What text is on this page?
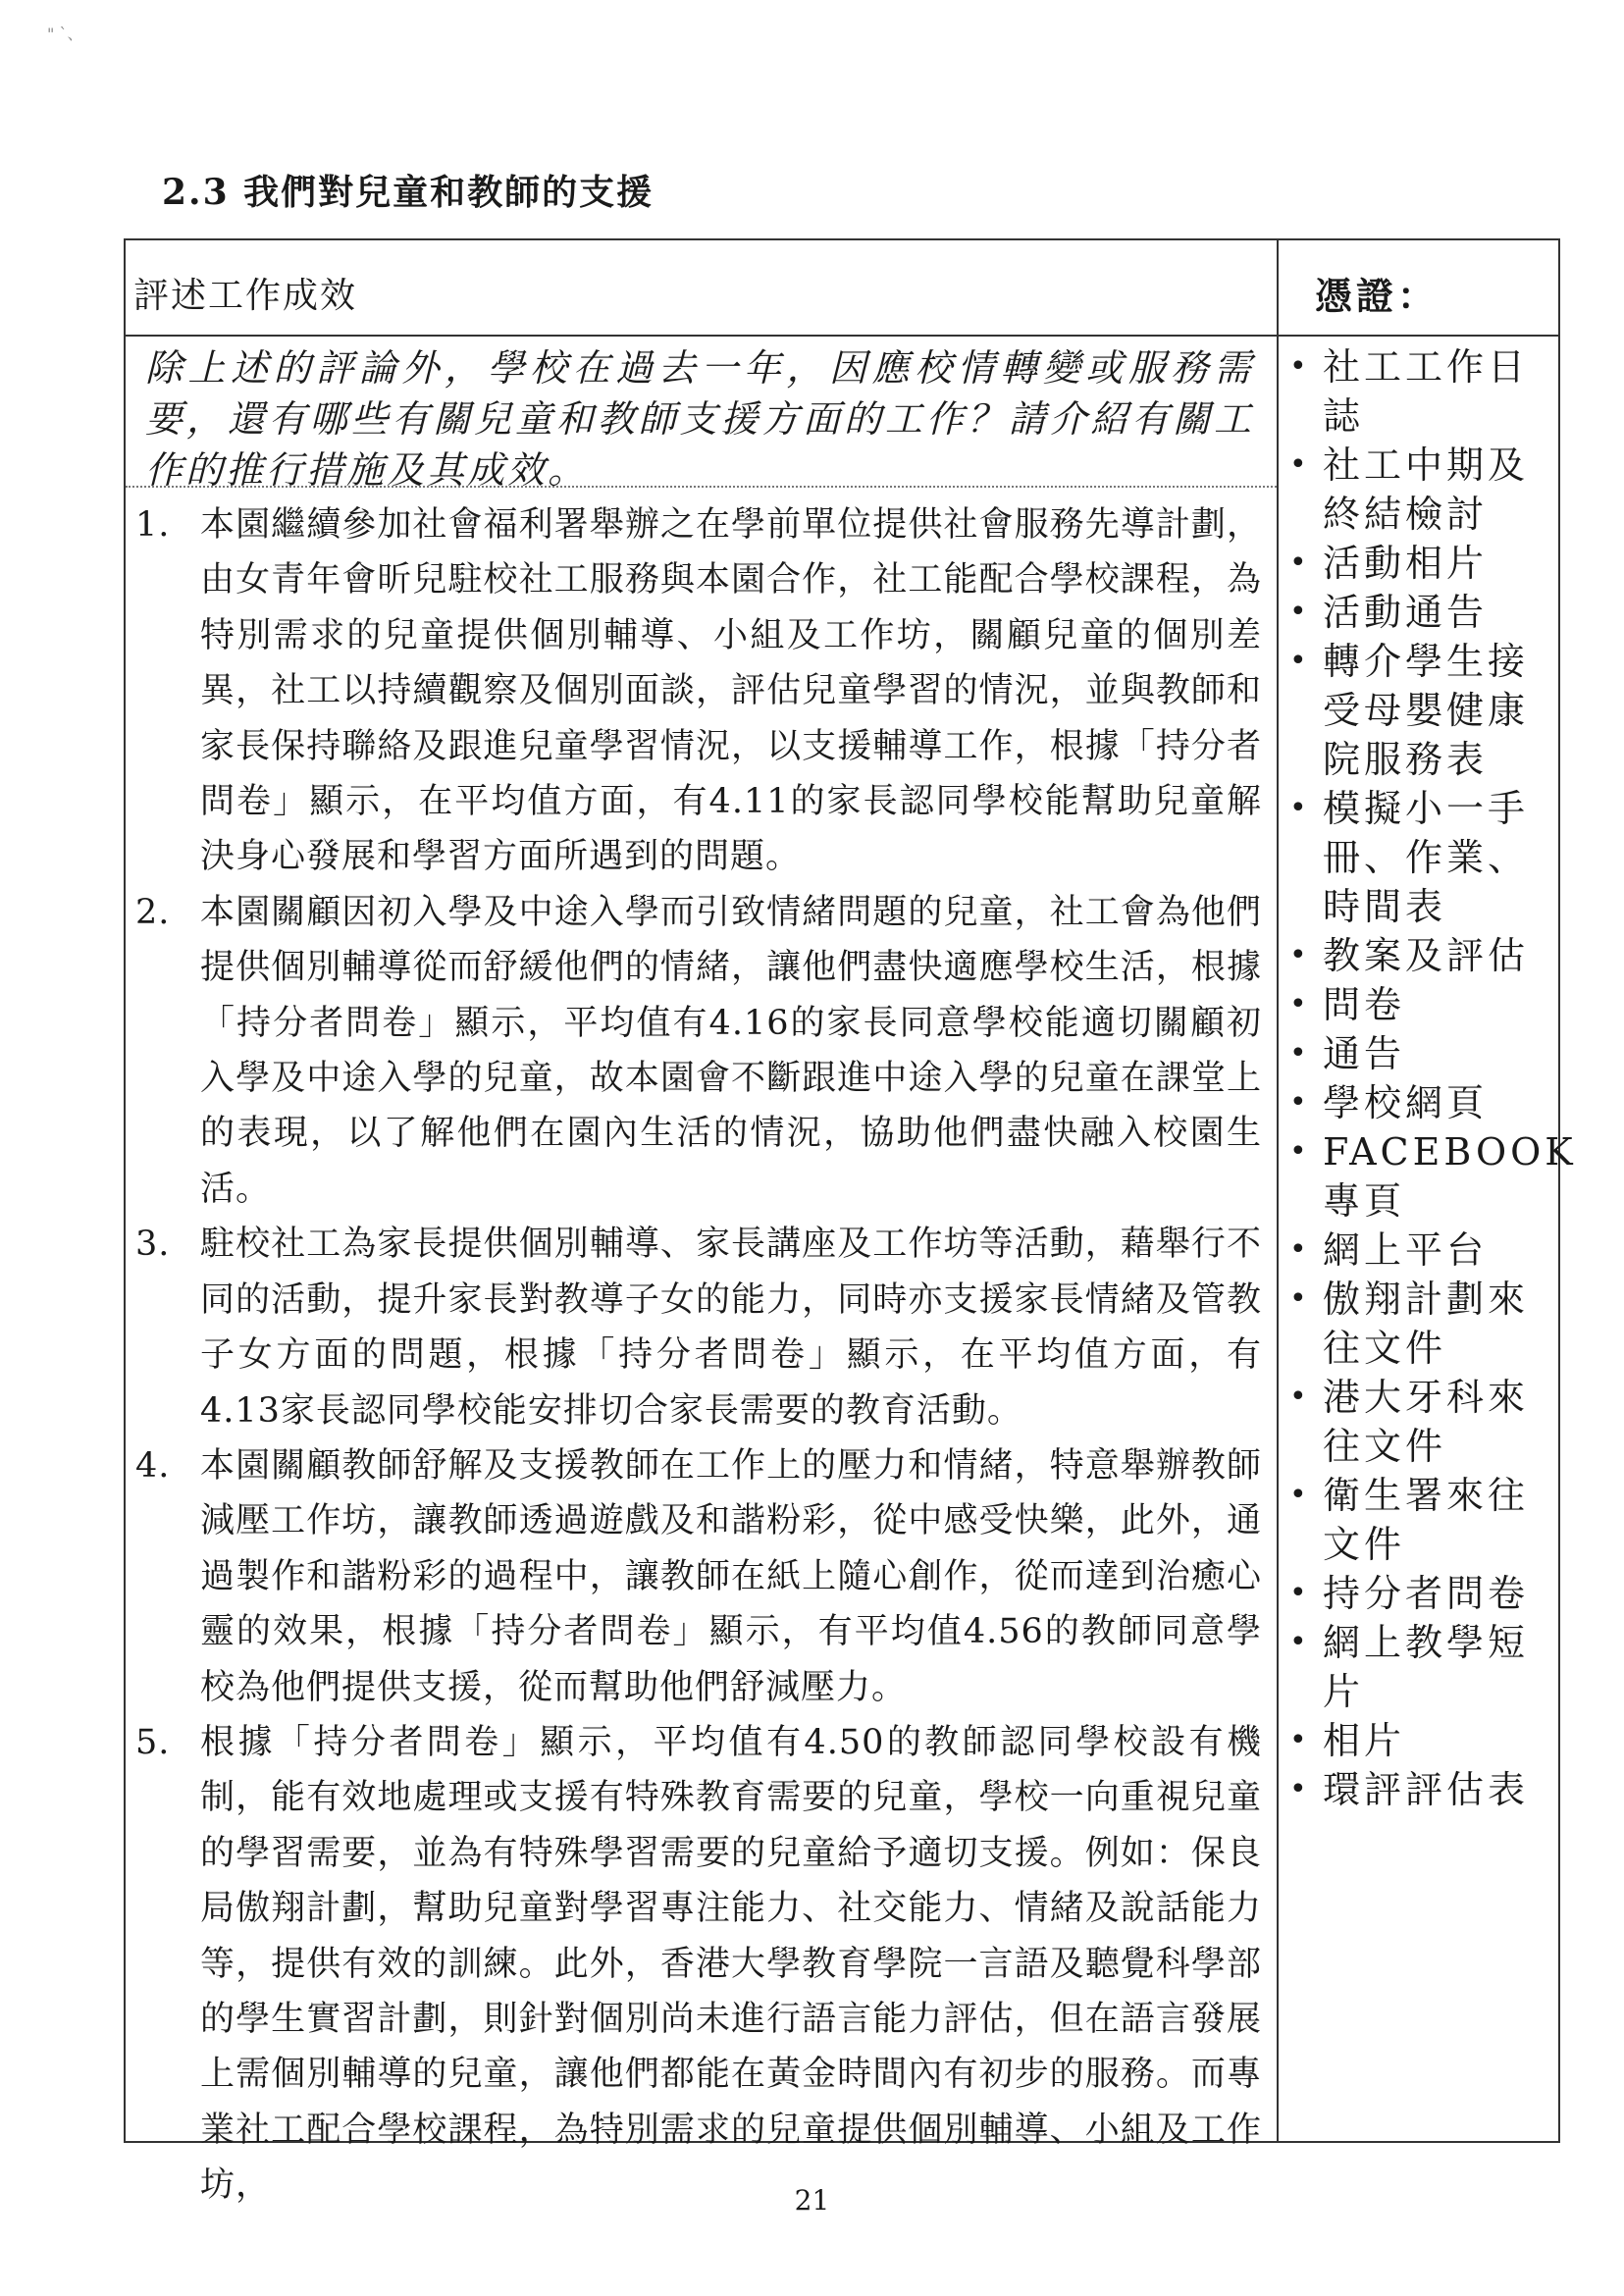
" `、
2.3 我們對兒童和教師的支援
評述工作成效	憑證：
除上述的評論外，學校在過去一年，因應校情轉變或服務需要，還有哪些有關兒童和教師支援方面的工作？請介紹有關工作的推行措施及其成效。
1. 本園繼續參加社會福利署舉辦之在學前單位提供社會服務先導計劃，由女青年會昕兒駐校社工服務與本園合作，社工能配合學校課程，為特別需求的兒童提供個別輔導、小組及工作坊，關顧兒童的個別差異，社工以持續觀察及個別面談，評估兒童學習的情況，並與教師和家長保持聯絡及跟進兒童學習情況，以支援輔導工作，根據「持分者問卷」顯示，在平均值方面，有4.11的家長認同學校能幫助兒童解決身心發展和學習方面所遇到的問題。
2. 本園關顧因初入學及中途入學而引致情緒問題的兒童，社工會為他們提供個別輔導從而舒緩他們的情緒，讓他們盡快適應學校生活，根據「持分者問卷」顯示，平均值有4.16的家長同意學校能適切關顧初入學及中途入學的兒童，故本園會不斷跟進中途入學的兒童在課堂上的表現，以了解他們在園內生活的情況，協助他們盡快融入校園生活。
3. 駐校社工為家長提供個別輔導、家長講座及工作坊等活動，藉舉行不同的活動，提升家長對教導子女的能力，同時亦支援家長情緒及管教子女方面的問題，根據「持分者問卷」顯示，在平均值方面，有4.13家長認同學校能安排切合家長需要的教育活動。
4. 本園關顧教師舒解及支援教師在工作上的壓力和情緒，特意舉辦教師減壓工作坊，讓教師透過遊戲及和諧粉彩，從中感受快樂，此外，通過製作和諧粉彩的過程中，讓教師在紙上隨心創作，從而達到治癒心靈的效果，根據「持分者問卷」顯示，有平均值4.56的教師同意學校為他們提供支援，從而幫助他們舒減壓力。
5. 根據「持分者問卷」顯示，平均值有4.50的教師認同學校設有機制，能有效地處理或支援有特殊教育需要的兒童，學校一向重視兒童的學習需要，並為有特殊學習需要的兒童給予適切支援。例如：保良局傲翔計劃，幫助兒童對學習專注能力、社交能力、情緒及說話能力等，提供有效的訓練。此外，香港大學教育學院一言語及聽覺科學部的學生實習計劃，則針對個別尚未進行語言能力評估，但在語言發展上需個別輔導的兒童，讓他們都能在黃金時間內有初步的服務。而專業社工配合學校課程，為特別需求的兒童提供個別輔導、小組及工作坊，
• 社工工作日誌
• 社工中期及終結檢討
• 活動相片
• 活動通告
• 轉介學生接受母嬰健康院服務表
• 模擬小一手冊、作業、時間表
• 教案及評估
• 問卷
• 通告
• 學校網頁
• FACEBOOK專頁
• 網上平台
• 傲翔計劃來往文件
• 港大牙科來往文件
• 衛生署來往文件
• 持分者問卷
• 網上教學短片
• 相片
• 環評評估表
21
